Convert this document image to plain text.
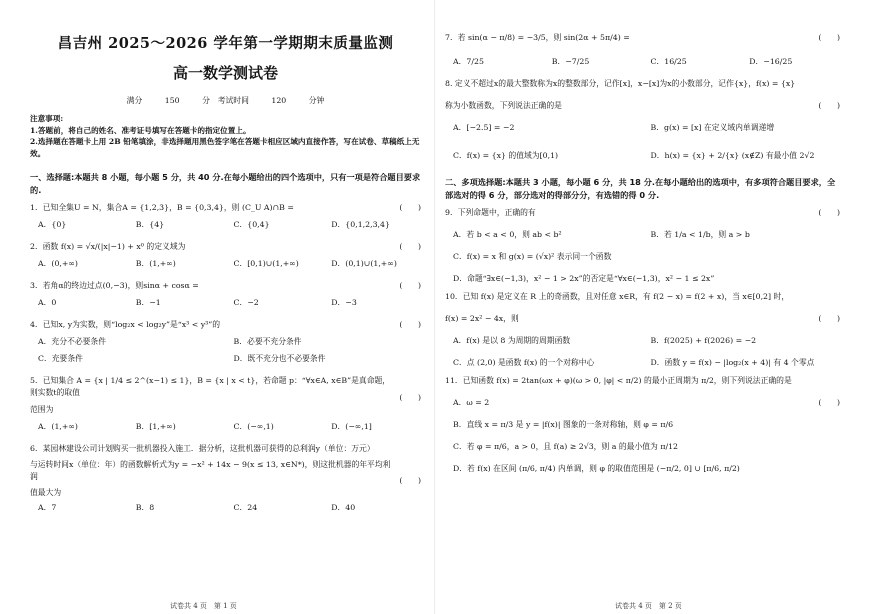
昌吉州 2025～2026 学年第一学期期末质量监测
高一数学测试卷
满分 150 分　考试时间 120 分钟
注意事项:
1.答题前，将自己的姓名、准考证号填写在答题卡的指定位置上。
2.选择题在答题卡上用 2B 铅笔填涂，非选择题用黑色签字笔在答题卡相应区域内直接作答，写在试卷、草稿纸上无效。
一、选择题:本题共 8 小题，每小题 5 分，共 40 分.在每小题给出的四个选项中，只有一项是符合题目要求的.
1．已知全集U = N，集合A = {1,2,3}，B = {0,3,4}，则 (C_U A)∩B =	(　　)
A．{0}	B．{4}	C．{0,4}	D．{0,1,2,3,4}
2．函数 f(x) = √x/(|x|−1) + x⁰ 的定义域为	(　　)
A．(0,+∞)	B．(1,+∞)	C．[0,1)∪(1,+∞)	D．(0,1)∪(1,+∞)
3．若角α的终边过点(0,−3)，则sinα + cosα =	(　　)
A．0	B．−1	C．−2	D．−3
4．已知x, y为实数，则“log₂x < log₂y”是“x³ < y³”的	(　　)
A．充分不必要条件	B．必要不充分条件
C．充要条件	D．既不充分也不必要条件
5．已知集合 A = {x | 1/4 ≤ 2^(x−1) ≤ 1}，B = {x | x < t}，若命题 p：“∀x∈A, x∈B”是真命题，则实数t的取值
范围为
(　　)
A．(1,+∞)	B．[1,+∞)	C．(−∞,1)	D．(−∞,1]
6．某园林建设公司计划购买一批机器投入施工．据分析，这批机器可获得的总利润y（单位：万元）
与运转时间x（单位：年）的函数解析式为y = −x² + 14x − 9(x ≤ 13, x∈N*)，则这批机器的年平均利润
值最大为
(　　)
A．7	B．8	C．24	D．40
试卷共 4 页　第 1 页
7．若 sin(α − π/8) = −3/5，则 sin(2α + 5π/4) =	(　　)
A．7/25	B．−7/25	C．16/25	D．−16/25
8. 定义不超过x的最大整数称为x的整数部分，记作[x]，x−[x]为x的小数部分，记作{x}，f(x) = {x}
称为小数函数，下列说法正确的是	(　　)
A．[−2.5] = −2	B．g(x) = [x] 在定义域内单调递增
C．f(x) = {x} 的值域为[0,1)	D．h(x) = {x} + 2/{x} (x∉Z) 有最小值 2√2
二、多项选择题:本题共 3 小题，每小题 6 分，共 18 分.在每小题给出的选项中，有多项符合题目要求，全部选对的得 6 分，部分选对的得部分分，有选错的得 0 分.
9．下列命题中，正确的有	(　　)
A．若 b < a < 0，则 ab < b²	B．若 1/a < 1/b，则 a > b
C．f(x) = x 和 g(x) = (√x)² 表示同一个函数
D．命题“∃x∈(−1,3)，x² − 1 > 2x”的否定是“∀x∈(−1,3)，x² − 1 ≤ 2x”
10．已知 f(x) 是定义在 R 上的奇函数，且对任意 x∈R，有 f(2 − x) = f(2 + x)，当 x∈[0,2] 时，
f(x) = 2x² − 4x，则	(　　)
A．f(x) 是以 8 为周期的周期函数	B．f(2025) + f(2026) = −2
C．点 (2,0) 是函数 f(x) 的一个对称中心	D．函数 y = f(x) − |log₂(x + 4)| 有 4 个零点
11．已知函数 f(x) = 2tan(ωx + φ)(ω > 0, |φ| < π/2) 的最小正周期为 π/2，则下列说法正确的是
A．ω = 2	(　　)
B．直线 x = π/3 是 y = |f(x)| 图象的一条对称轴，则 φ = π/6
C．若 φ = π/6，a > 0，且 f(a) ≥ 2√3，则 a 的最小值为 π/12
D．若 f(x) 在区间 (π/6, π/4) 内单调，则 φ 的取值范围是 (−π/2, 0] ∪ [π/6, π/2)
试卷共 4 页　第 2 页
